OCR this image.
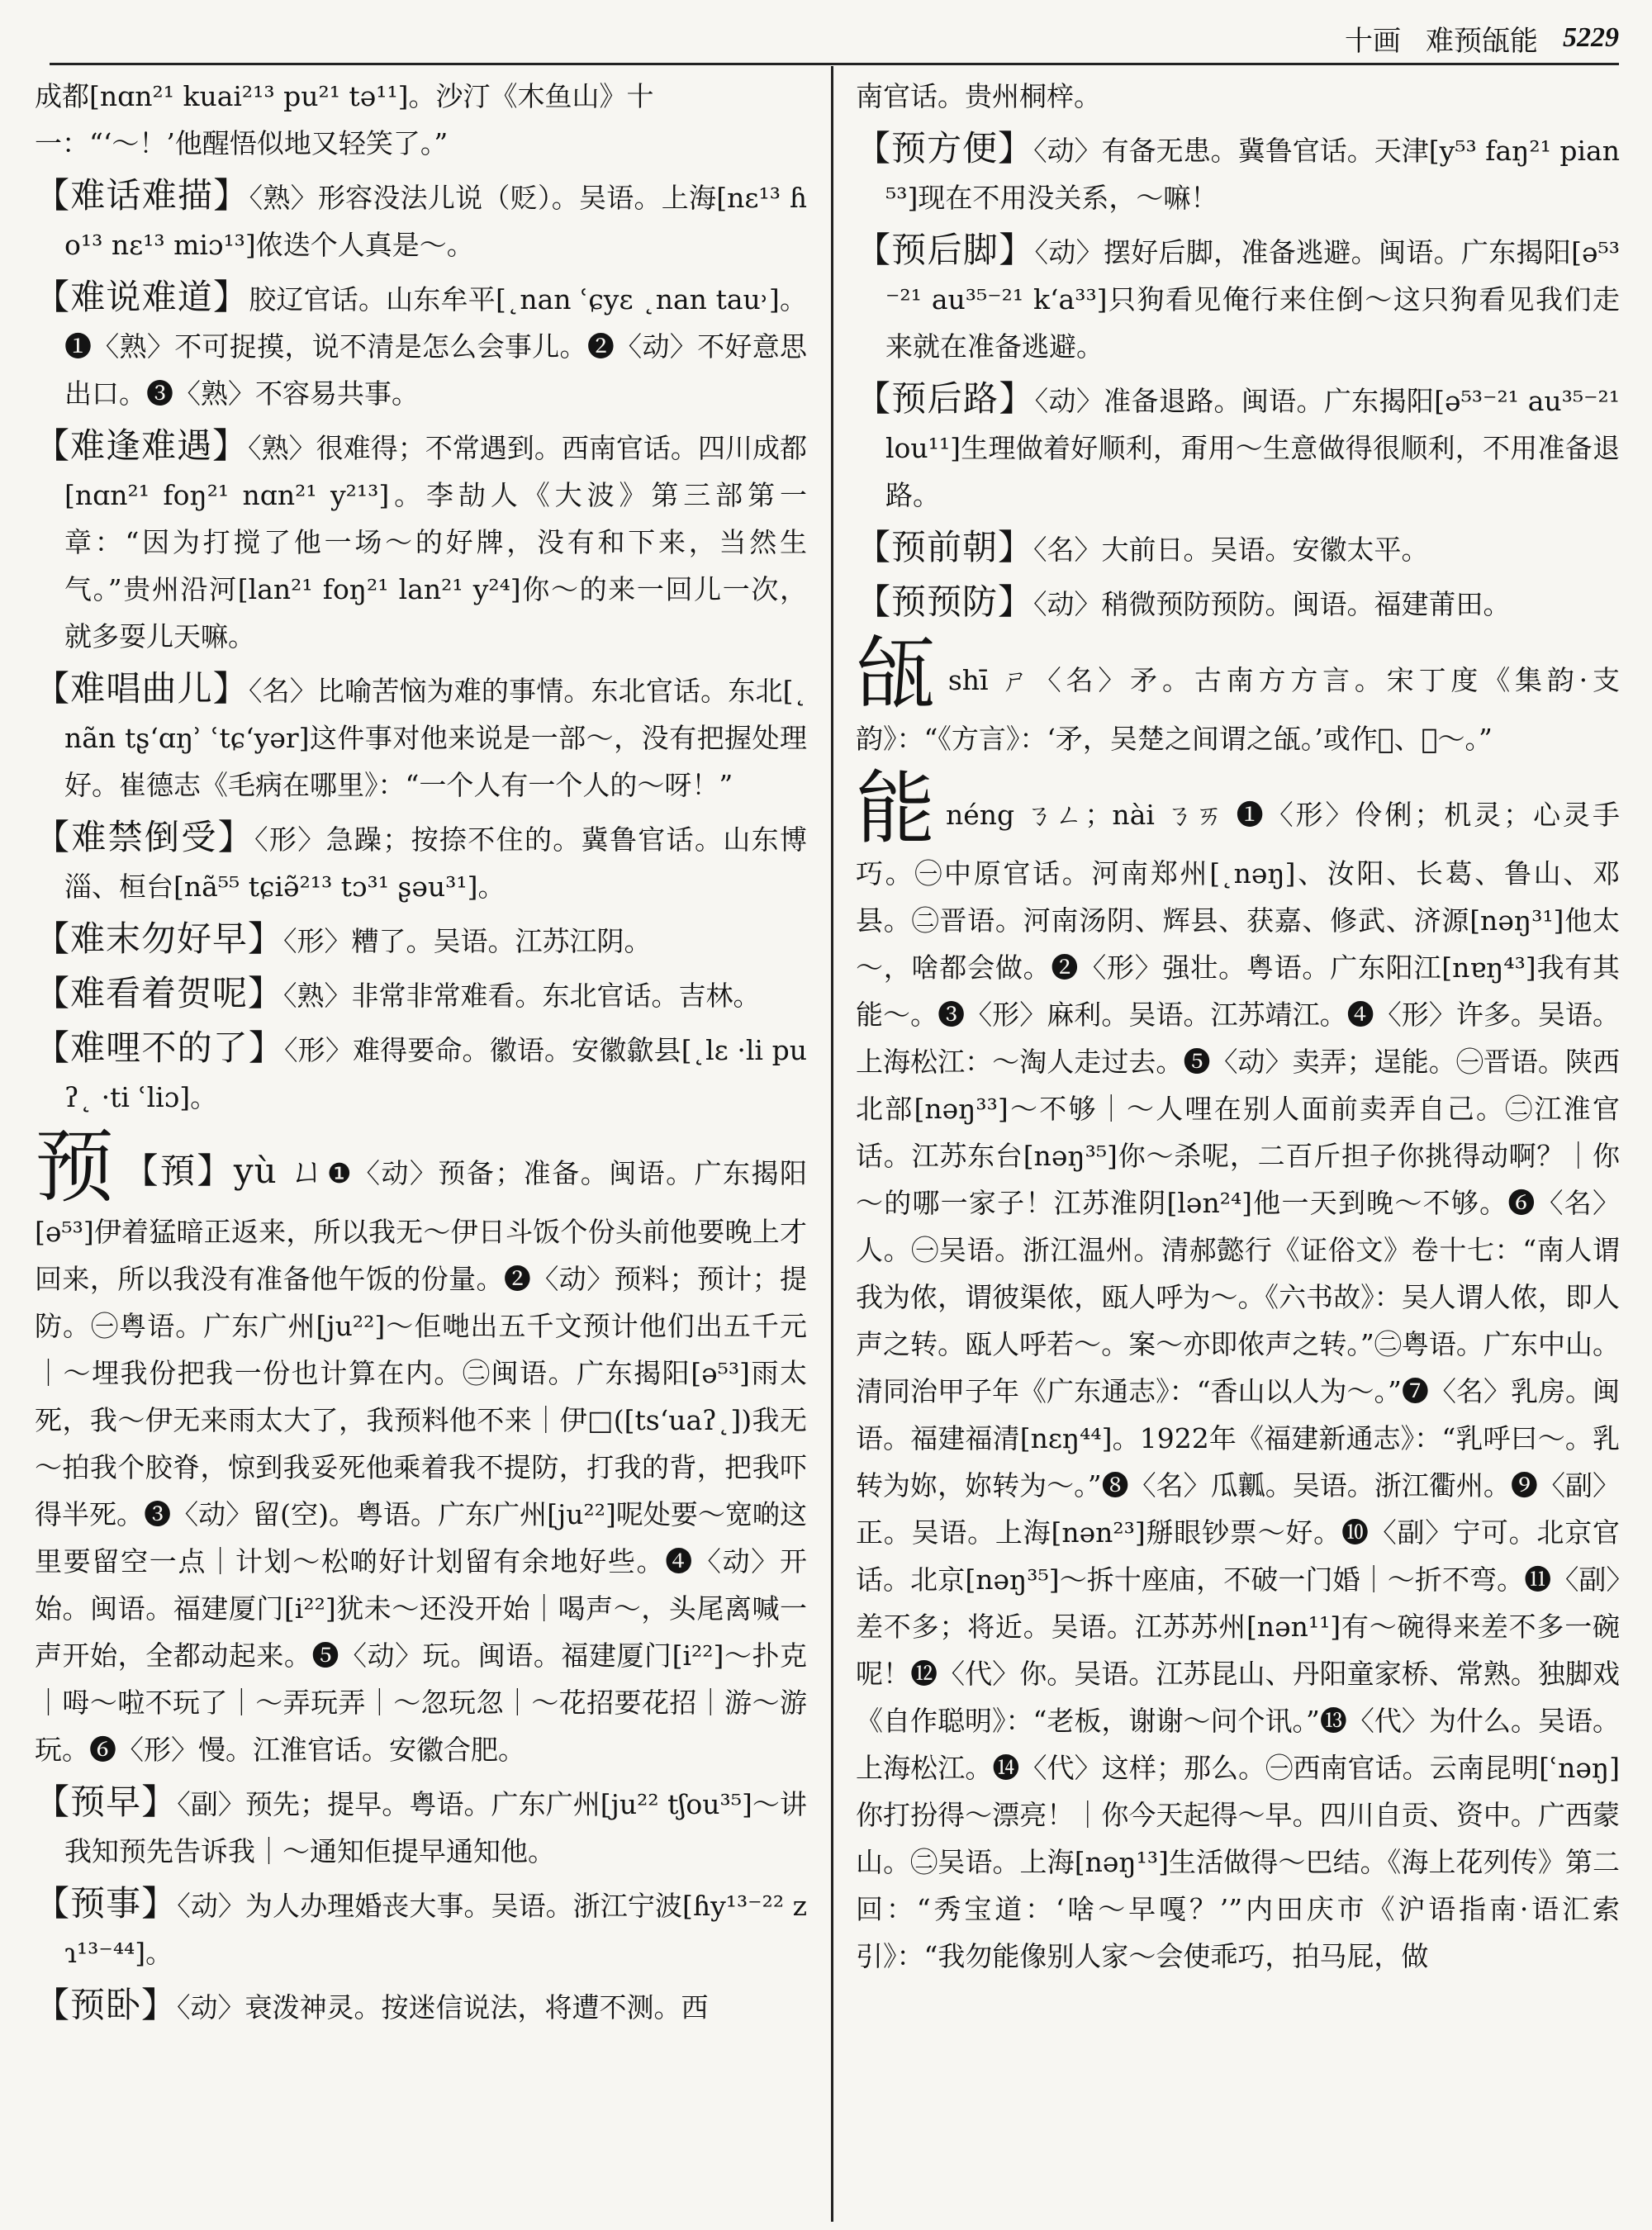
十画 难预瓵能 5229

成都[nɑn²¹ kuai²¹³ pu²¹ tə¹¹]。沙汀《木鱼山》十一：“‘～！’他醒悟似地又轻笑了。”

【难话难描】〈熟〉形容没法儿说（贬）。吴语。上海[nɛ¹³ ɦo¹³ nɛ¹³ miɔ¹³]侬迭个人真是～。

【难说难道】胶辽官话。山东牟平[˛nan ʿɕyɛ ˛nan tau˒]。❶〈熟〉不可捉摸，说不清是怎么会事儿。❷〈动〉不好意思出口。❸〈熟〉不容易共事。

【难逢难遇】〈熟〉很难得；不常遇到。西南官话。四川成都[nɑn²¹ foŋ²¹ nɑn²¹ y²¹³]。李劼人《大波》第三部第一章：“因为打搅了他一场～的好牌，没有和下来，当然生气。”贵州沿河[lan²¹ foŋ²¹ lan²¹ y²⁴]你～的来一回儿一次，就多耍儿天嘛。

【难唱曲儿】〈名〉比喻苦恼为难的事情。东北官话。东北[˛nãn tʂʻɑŋʾ ʿtɕʻyər]这件事对他来说是一部～，没有把握处理好。崔德志《毛病在哪里》：“一个人有一个人的～呀！”

【难禁倒受】〈形〉急躁；按捺不住的。冀鲁官话。山东博淄、桓台[nã⁵⁵ tɕiə̃²¹³ tɔ³¹ ʂəu³¹]。

【难末勿好早】〈形〉糟了。吴语。江苏江阴。

【难看着贺呢】〈熟〉非常非常难看。东北官话。吉林。

【难哩不的了】〈形〉难得要命。徽语。安徽歙县[˛lɛ ·li puʔ˛ ·ti ʿliɔ]。

预 【預】yù ㄩ❶〈动〉预备；准备。闽语。广东揭阳[ə⁵³]伊着猛暗正返来，所以我无～伊日斗饭个份头前他要晚上才回来，所以我没有准备他午饭的份量。❷〈动〉预料；预计；提防。㊀粤语。广东广州[ju²²]～佢哋出五千文预计他们出五千元｜～埋我份把我一份也计算在内。㊁闽语。广东揭阳[ə⁵³]雨太死，我～伊无来雨太大了，我预料他不来｜伊□([tsʻuaʔ˛])我无～拍我个胶脊，惊到我妥死他乘着我不提防，打我的背，把我吓得半死。❸〈动〉留(空)。粤语。广东广州[ju²²]呢处要～宽啲这里要留空一点｜计划～松啲好计划留有余地好些。❹〈动〉开始。闽语。福建厦门[i²²]犹未～还没开始｜喝声～，头尾离喊一声开始，全都动起来。❺〈动〉玩。闽语。福建厦门[i²²]～扑克｜呣～啦不玩了｜～弄玩弄｜～忽玩忽｜～花招要花招｜游～游玩。❻〈形〉慢。江淮官话。安徽合肥。

【预早】〈副〉预先；提早。粤语。广东广州[ju²² tʃou³⁵]～讲我知预先告诉我｜～通知佢提早通知他。

【预事】〈动〉为人办理婚丧大事。吴语。浙江宁波[ɦy¹³⁻²² zɿ¹³⁻⁴⁴]。

【预卧】〈动〉衰泼神灵。按迷信说法，将遭不测。西

南官话。贵州桐梓。

【预方便】〈动〉有备无患。冀鲁官话。天津[y⁵³ faŋ²¹ pian⁵³]现在不用没关系，～嘛！

【预后脚】〈动〉摆好后脚，准备逃避。闽语。广东揭阳[ə⁵³⁻²¹ au³⁵⁻²¹ kʻa³³]只狗看见俺行来住倒～这只狗看见我们走来就在准备逃避。

【预后路】〈动〉准备退路。闽语。广东揭阳[ə⁵³⁻²¹ au³⁵⁻²¹ lou¹¹]生理做着好顺利，甭用～生意做得很顺利，不用准备退路。

【预前朝】〈名〉大前日。吴语。安徽太平。

【预预防】〈动〉稍微预防预防。闽语。福建莆田。

瓵shī ㄕ〈名〉矛。古南方方言。宋丁度《集韵·支韵》：“《方言》：‘矛，吴楚之间谓之瓵。’或作𨪸、𥐕～。”

能néng ㄋㄥ；nài ㄋㄞ ❶〈形〉伶俐；机灵；心灵手巧。㊀中原官话。河南郑州[˛nəŋ]、汝阳、长葛、鲁山、邓县。㊁晋语。河南汤阴、辉县、获嘉、修武、济源[nəŋ³¹]他太～，啥都会做。❷〈形〉强壮。粤语。广东阳江[nɐŋ⁴³]我有其能～。❸〈形〉麻利。吴语。江苏靖江。❹〈形〉许多。吴语。上海松江：～淘人走过去。❺〈动〉卖弄；逞能。㊀晋语。陕西北部[nəŋ³³]～不够｜～人哩在别人面前卖弄自己。㊁江淮官话。江苏东台[nəŋ³⁵]你～杀呢，二百斤担子你挑得动啊？｜你～的哪一家子！江苏淮阴[lən²⁴]他一天到晚～不够。❻〈名〉人。㊀吴语。浙江温州。清郝懿行《证俗文》卷十七：“南人谓我为侬，谓彼渠侬，瓯人呼为～。《六书故》：吴人谓人侬，即人声之转。瓯人呼若～。案～亦即侬声之转。”㊁粤语。广东中山。清同治甲子年《广东通志》：“香山以人为～。”❼〈名〉乳房。闽语。福建福清[nɛŋ⁴⁴]。1922年《福建新通志》：“乳呼曰～。乳转为妳，妳转为～。”❽〈名〉瓜瓤。吴语。浙江衢州。❾〈副〉正。吴语。上海[nən²³]掰眼钞票～好。❿〈副〉宁可。北京官话。北京[nəŋ³⁵]～拆十座庙，不破一门婚｜～折不弯。⓫〈副〉差不多；将近。吴语。江苏苏州[nən¹¹]有～碗得来差不多一碗呢！⓬〈代〉你。吴语。江苏昆山、丹阳童家桥、常熟。独脚戏《自作聪明》：“老板，谢谢～问个讯。”⓭〈代〉为什么。吴语。上海松江。⓮〈代〉这样；那么。㊀西南官话。云南昆明[ʿnəŋ]你打扮得～漂亮！｜你今天起得～早。四川自贡、资中。广西蒙山。㊁吴语。上海[nəŋ¹³]生活做得～巴结。《海上花列传》第二回：“秀宝道：‘啥～早嘎？’”内田庆市《沪语指南·语汇索引》：“我勿能像别人家～会使乖巧，拍马屁，做
